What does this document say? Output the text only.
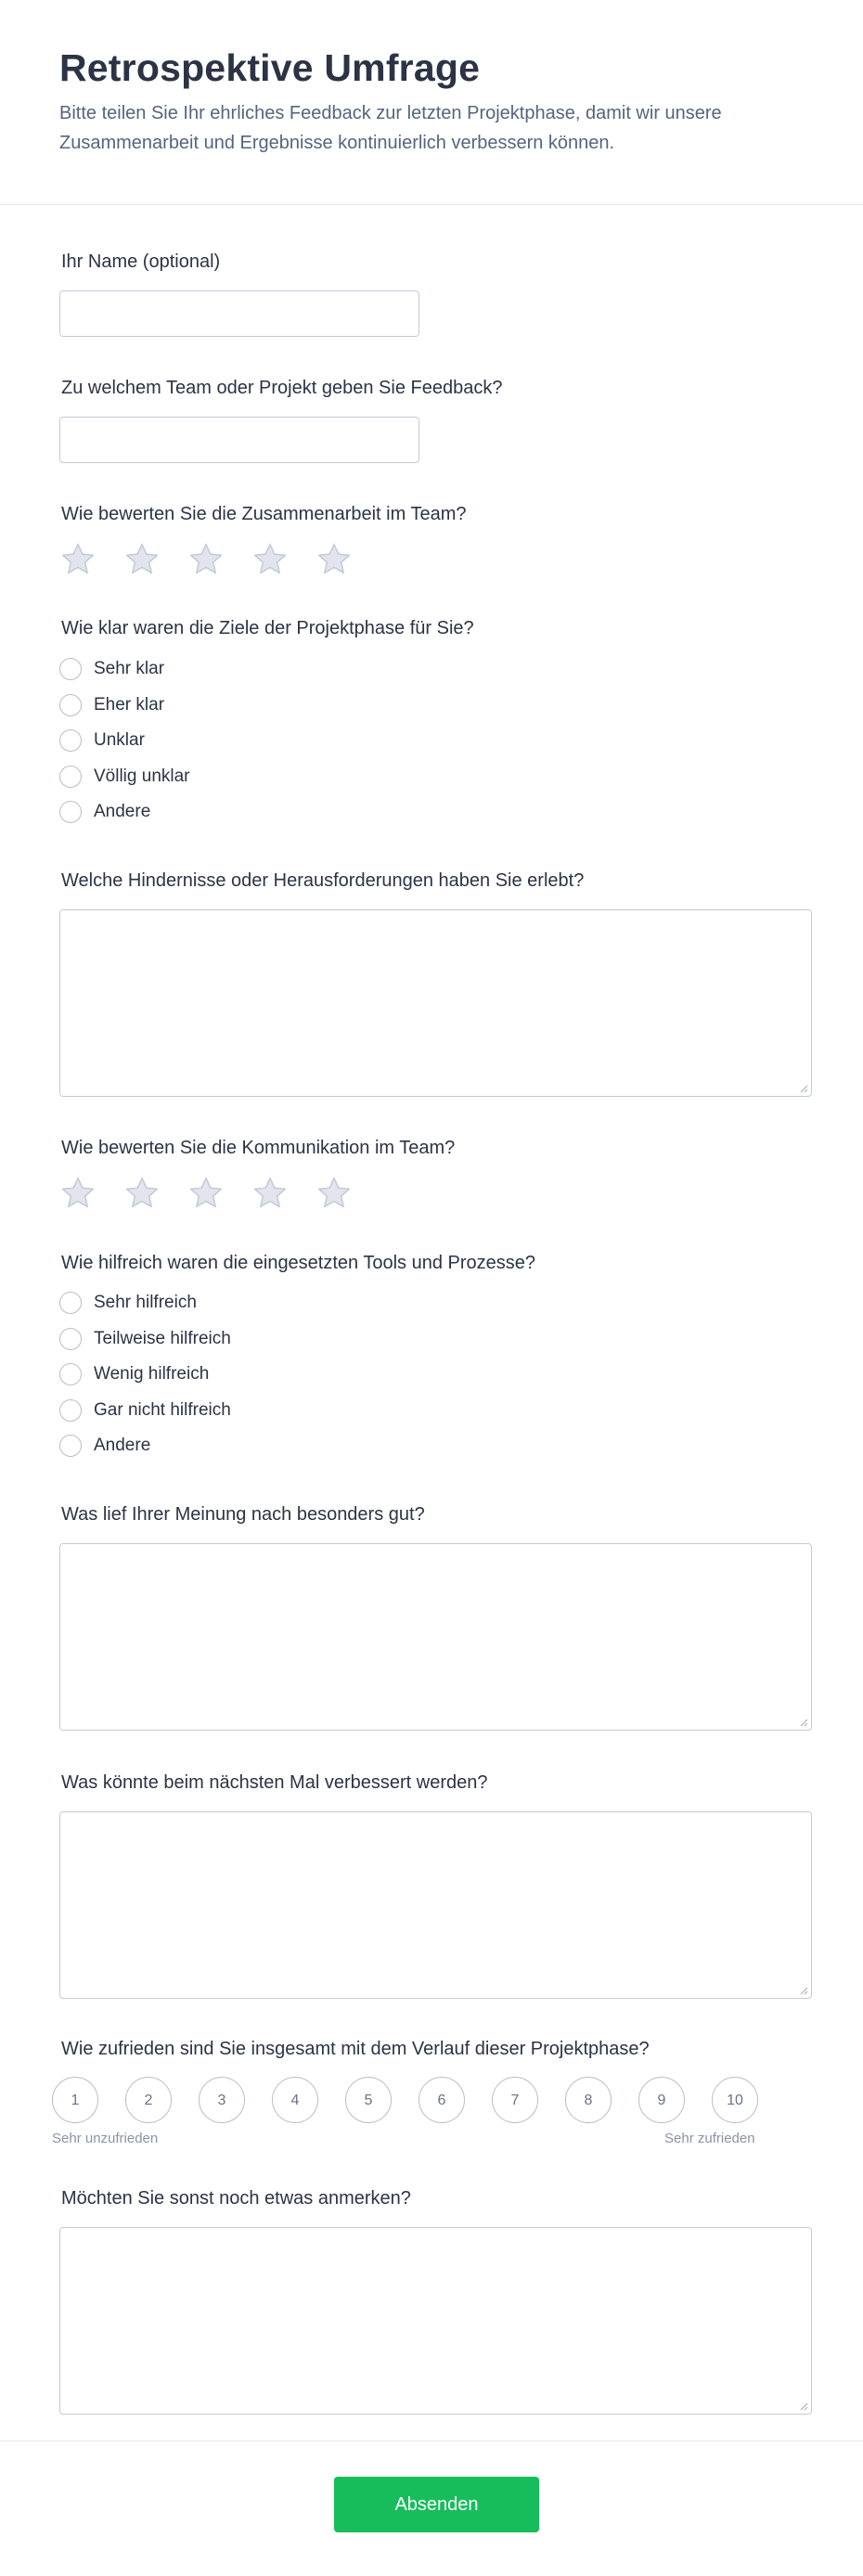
Retrospektive Umfrage

Bitte teilen Sie Ihr ehrliches Feedback zur letzten Projektphase, damit wir unsere Zusammenarbeit und Ergebnisse kontinuierlich verbessern können.

Ihr Name (optional)
Zu welchem Team oder Projekt geben Sie Feedback?
Wie bewerten Sie die Zusammenarbeit im Team?
Wie klar waren die Ziele der Projektphase für Sie?
Sehr klar
Eher klar
Unklar
Völlig unklar
Andere
Welche Hindernisse oder Herausforderungen haben Sie erlebt?
Wie bewerten Sie die Kommunikation im Team?
Wie hilfreich waren die eingesetzten Tools und Prozesse?
Sehr hilfreich
Teilweise hilfreich
Wenig hilfreich
Gar nicht hilfreich
Andere
Was lief Ihrer Meinung nach besonders gut?
Was könnte beim nächsten Mal verbessert werden?
Wie zufrieden sind Sie insgesamt mit dem Verlauf dieser Projektphase?
1	2	3	4	5	6	7	8	9	10
Sehr unzufrieden	Sehr zufrieden
Möchten Sie sonst noch etwas anmerken?
Absenden
